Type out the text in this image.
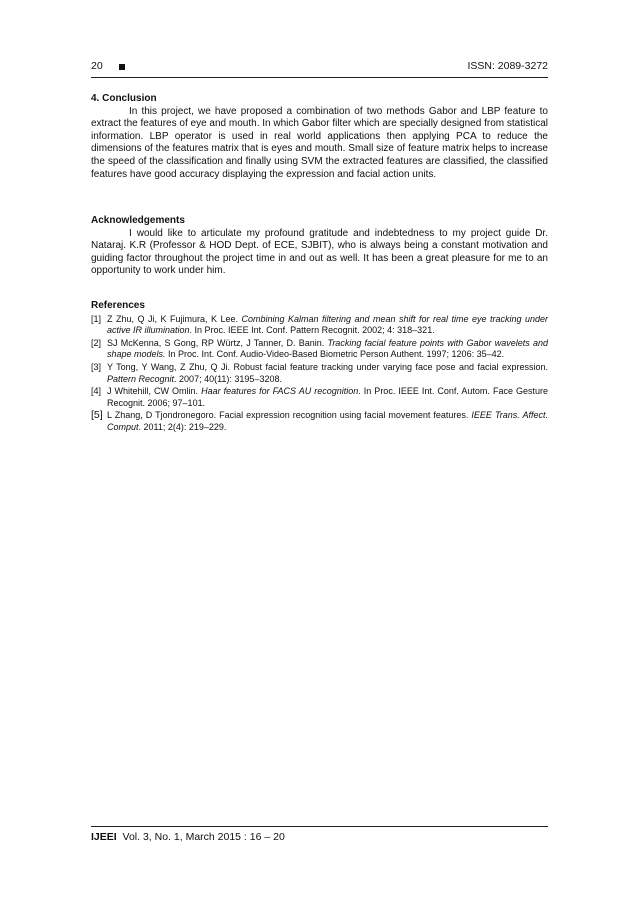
20	ISSN: 2089-3272

4. Conclusion

In this project, we have proposed a combination of two methods Gabor and LBP feature to extract the features of eye and mouth. In which Gabor filter which are specially designed from statistical information. LBP operator is used in real world applications then applying PCA to reduce the dimensions of the features matrix that is eyes and mouth. Small size of feature matrix helps to increase the speed of the classification and finally using SVM the extracted features are classified, the classified features have good accuracy displaying the expression and facial action units.

Acknowledgements

I would like to articulate my profound gratitude and indebtedness to my project guide Dr. Nataraj. K.R (Professor & HOD Dept. of ECE, SJBIT), who is always being a constant motivation and guiding factor throughout the project time in and out as well. It has been a great pleasure for me to an opportunity to work under him.

References

[1] Z Zhu, Q Ji, K Fujimura, K Lee. Combining Kalman filtering and mean shift for real time eye tracking under active IR illumination. In Proc. IEEE Int. Conf. Pattern Recognit. 2002; 4: 318–321.
[2] SJ McKenna, S Gong, RP Würtz, J Tanner, D. Banin. Tracking facial feature points with Gabor wavelets and shape models. In Proc. Int. Conf. Audio-Video-Based Biometric Person Authent. 1997; 1206: 35–42.
[3] Y Tong, Y Wang, Z Zhu, Q Ji. Robust facial feature tracking under varying face pose and facial expression. Pattern Recognit. 2007; 40(11): 3195–3208.
[4] J Whitehill, CW Omlin. Haar features for FACS AU recognition. In Proc. IEEE Int. Conf. Autom. Face Gesture Recognit. 2006; 97–101.
[5] L Zhang, D Tjondronegoro. Facial expression recognition using facial movement features. IEEE Trans. Affect. Comput. 2011; 2(4): 219–229.
IJEEI Vol. 3, No. 1, March 2015 : 16 – 20
